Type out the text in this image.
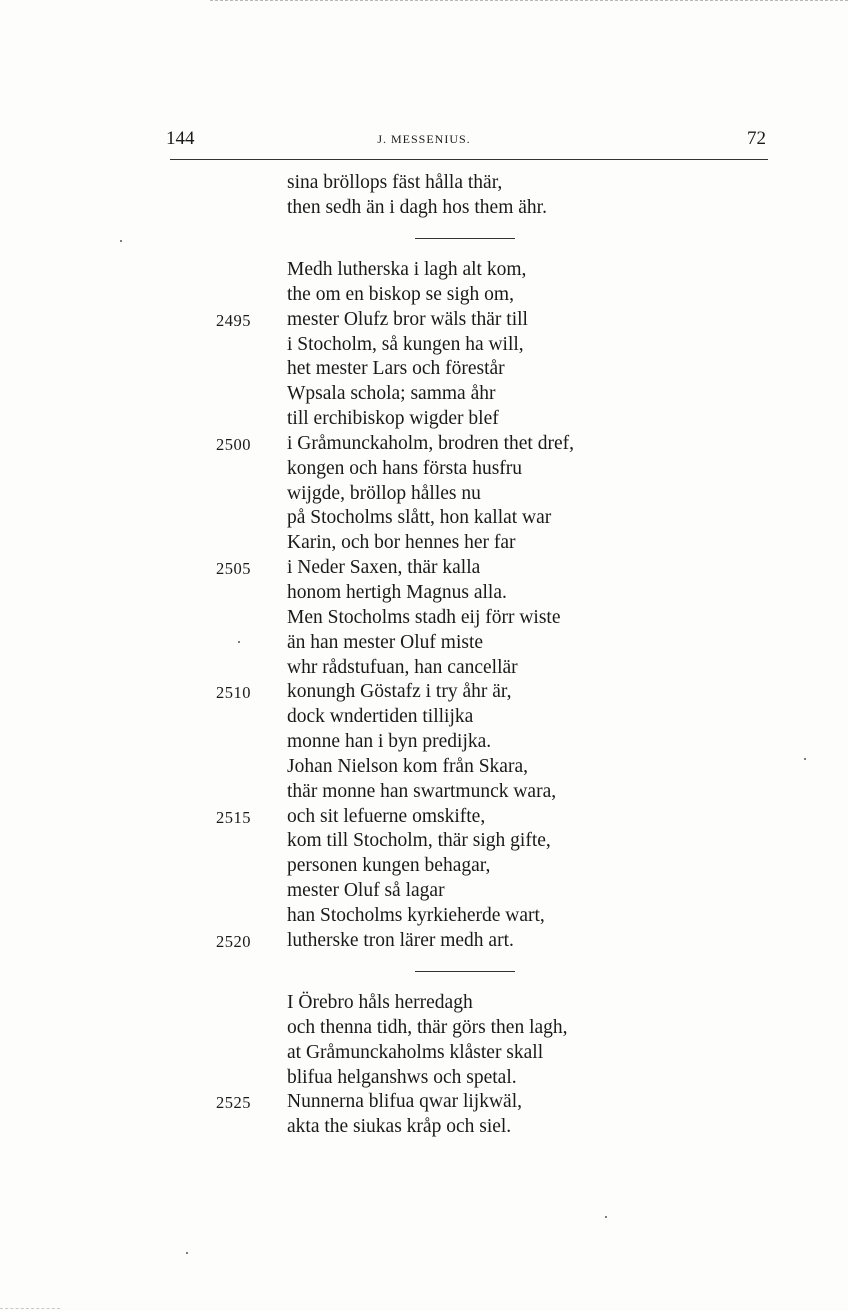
144	J. MESSENIUS.	72
sina bröllops fäst hålla thär,
then sedh än i dagh hos them ähr.
Medh lutherska i lagh alt kom,
the om en biskop se sigh om,
2495 mester Olufz bror wäls thär till
i Stocholm, så kungen ha will,
het mester Lars och förestår
Wpsala schola; samma åhr
till erchibiskop wigder blef
2500 i Gråmunckaholm, brodren thet dref,
kongen och hans första husfru
wijgde, bröllop hålles nu
på Stocholms slått, hon kallat war
Karin, och bor hennes her far
2505 i Neder Saxen, thär kalla
honom hertigh Magnus alla.
Men Stocholms stadh eij förr wiste
än han mester Oluf miste
whr rådstufuan, han cancellär
2510 konungh Göstafz i try åhr är,
dock wndertiden tillijka
monne han i byn predijka.
Johan Nielson kom från Skara,
thär monne han swartmunck wara,
2515 och sit lefuerne omskifte,
kom till Stocholm, thär sigh gifte,
personen kungen behagar,
mester Oluf så lagar
han Stocholms kyrkieherde wart,
2520 lutherske tron lärer medh art.
I Örebro håls herredagh
och thenna tidh, thär görs then lagh,
at Gråmunckaholms klåster skall
blifua helganshws och spetal.
2525 Nunnerna blifua qwar lijkwäl,
akta the siukas kråp och siel.
